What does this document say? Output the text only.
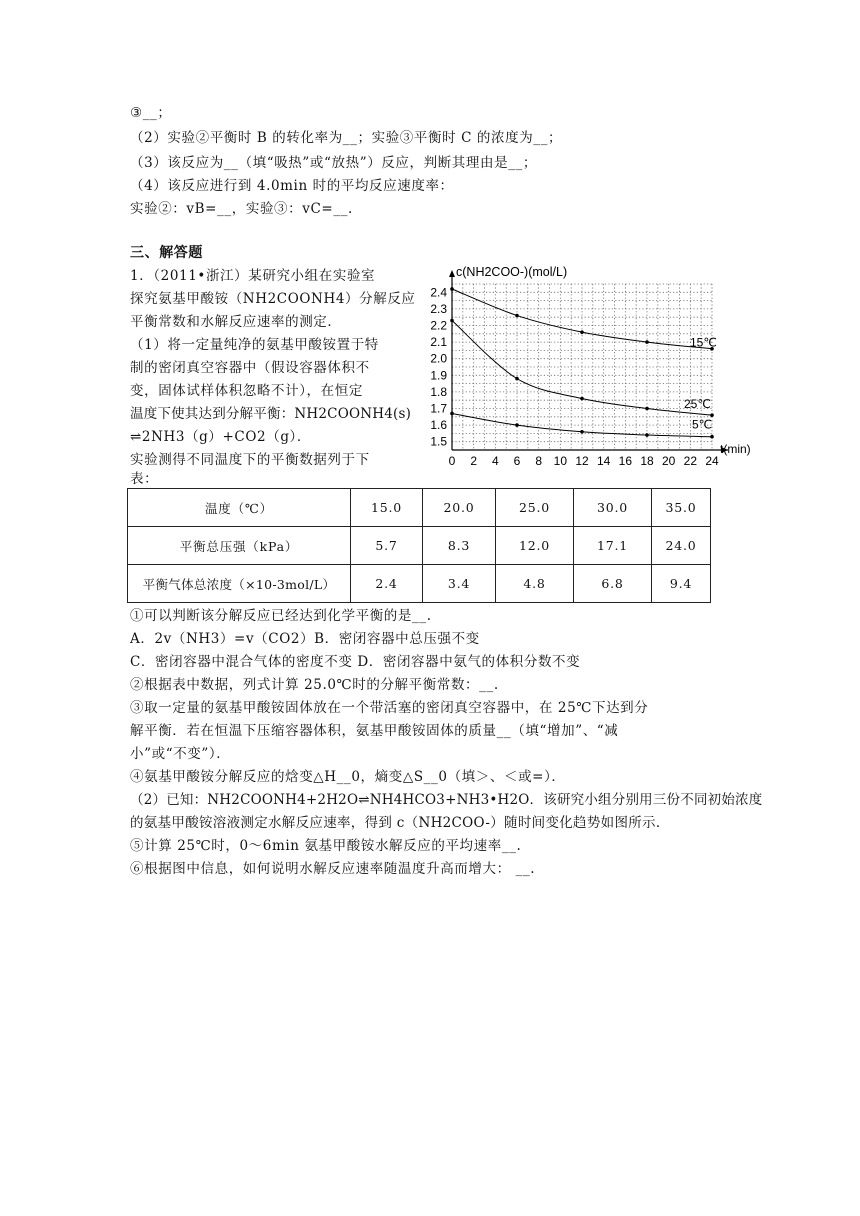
③__；
（2）实验②平衡时 B 的转化率为__；实验③平衡时 C 的浓度为__；
（3）该反应为__（填“吸热”或“放热”）反应，判断其理由是__；
（4）该反应进行到 4.0min 时的平均反应速度率：
实验②：vB=__，实验③：vC=__.
三、解答题
1．（2011•浙江）某研究小组在实验室
探究氨基甲酸铵（NH2COONH4）分解反应
平衡常数和水解反应速率的测定．
（1）将一定量纯净的氨基甲酸铵置于特
制的密闭真空容器中（假设容器体积不
变，固体试样体积忽略不计），在恒定
温度下使其达到分解平衡：NH2COONH4(s)
⇌2NH3（g）+CO2（g）．
实验测得不同温度下的平衡数据列于下
表：
0 2 4 6 8 10 12 14 16 18 20 22 24
1.5
1.6
1.7
1.8
1.9
2.0
2.1
2.2
2.3
2.4
c(NH2COO-)(mol/L)
t(min)
15℃
25℃
5℃
温度（℃）	15.0	20.0	25.0	30.0	35.0
平衡总压强（kPa）	5.7	8.3	12.0	17.1	24.0
平衡气体总浓度（×10-3mol/L）	2.4	3.4	4.8	6.8	9.4
①可以判断该分解反应已经达到化学平衡的是__.
A．2v（NH3）=v（CO2）B．密闭容器中总压强不变
C．密闭容器中混合气体的密度不变 D．密闭容器中氨气的体积分数不变
②根据表中数据，列式计算 25.0℃时的分解平衡常数：__.
③取一定量的氨基甲酸铵固体放在一个带活塞的密闭真空容器中，在 25℃下达到分
解平衡．若在恒温下压缩容器体积，氨基甲酸铵固体的质量__（填“增加”、“减
小”或“不变”）．
④氨基甲酸铵分解反应的焓变△H__0，熵变△S__0（填＞、＜或=）．
（2）已知：NH2COONH4+2H2O⇌NH4HCO3+NH3•H2O．该研究小组分别用三份不同初始浓度
的氨基甲酸铵溶液测定水解反应速率，得到 c（NH2COO-）随时间变化趋势如图所示．
⑤计算 25℃时，0～6min 氨基甲酸铵水解反应的平均速率__.
⑥根据图中信息，如何说明水解反应速率随温度升高而增大： __.
